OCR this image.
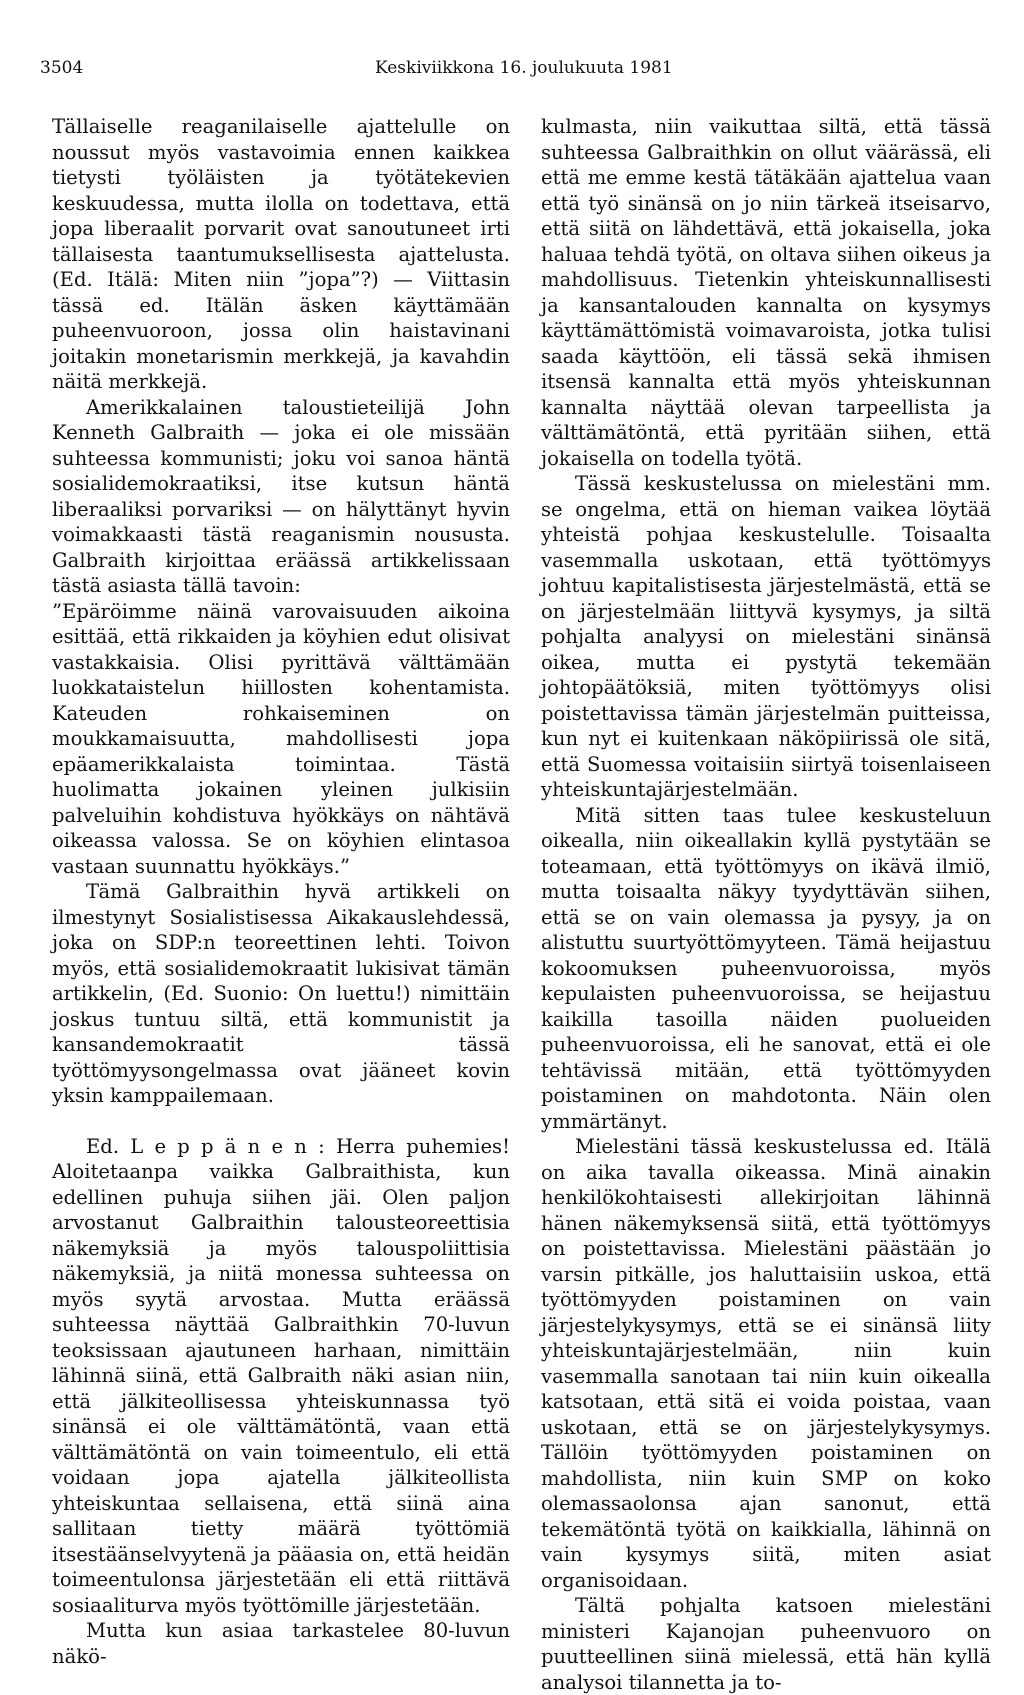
3504	Keskiviikkona 16. joulukuuta 1981

Tällaiselle reaganilaiselle ajattelulle on noussut myös vastavoimia ennen kaikkea tietysti työläisten ja työtätekevien keskuudessa, mutta ilolla on todettava, että jopa liberaalit porvarit ovat sanoutuneet irti tällaisesta taantumuksellisesta ajattelusta. (Ed. Itälä: Miten niin ”jopa”?) — Viittasin tässä ed. Itälän äsken käyttämään puheenvuoroon, jossa olin haistavinani joitakin monetarismin merkkejä, ja kavahdin näitä merkkejä.

Amerikkalainen taloustieteilijä John Kenneth Galbraith — joka ei ole missään suhteessa kommunisti; joku voi sanoa häntä sosialidemokraatiksi, itse kutsun häntä liberaaliksi porvariksi — on hälyttänyt hyvin voimakkaasti tästä reaganismin noususta. Galbraith kirjoittaa eräässä artikkelissaan tästä asiasta tällä tavoin:

”Epäröimme näinä varovaisuuden aikoina esittää, että rikkaiden ja köyhien edut olisivat vastakkaisia. Olisi pyrittävä välttämään luokkataistelun hiillosten kohentamista. Kateuden rohkaiseminen on moukkamaisuutta, mahdollisesti jopa epäamerikkalaista toimintaa. Tästä huolimatta jokainen yleinen julkisiin palveluihin kohdistuva hyökkäys on nähtävä oikeassa valossa. Se on köyhien elintasoa vastaan suunnattu hyökkäys.”

Tämä Galbraithin hyvä artikkeli on ilmestynyt Sosialistisessa Aikakauslehdessä, joka on SDP:n teoreettinen lehti. Toivon myös, että sosialidemokraatit lukisivat tämän artikkelin, (Ed. Suonio: On luettu!) nimittäin joskus tuntuu siltä, että kommunistit ja kansandemokraatit tässä työttömyysongelmassa ovat jääneet kovin yksin kamppailemaan.

Ed. L e p p ä n e n : Herra puhemies! Aloitetaanpa vaikka Galbraithista, kun edellinen puhuja siihen jäi. Olen paljon arvostanut Galbraithin talousteoreettisia näkemyksiä ja myös talouspoliittisia näkemyksiä, ja niitä monessa suhteessa on myös syytä arvostaa. Mutta eräässä suhteessa näyttää Galbraithkin 70-luvun teoksissaan ajautuneen harhaan, nimittäin lähinnä siinä, että Galbraith näki asian niin, että jälkiteollisessa yhteiskunnassa työ sinänsä ei ole välttämätöntä, vaan että välttämätöntä on vain toimeentulo, eli että voidaan jopa ajatella jälkiteollista yhteiskuntaa sellaisena, että siinä aina sallitaan tietty määrä työttömiä itsestäänselvyytenä ja pääasia on, että heidän toimeentulonsa järjestetään eli että riittävä sosiaaliturva myös työttömille järjestetään.

Mutta kun asiaa tarkastelee 80-luvun näkö-

kulmasta, niin vaikuttaa siltä, että tässä suhteessa Galbraithkin on ollut väärässä, eli että me emme kestä tätäkään ajattelua vaan että työ sinänsä on jo niin tärkeä itseisarvo, että siitä on lähdettävä, että jokaisella, joka haluaa tehdä työtä, on oltava siihen oikeus ja mahdollisuus. Tietenkin yhteiskunnallisesti ja kansantalouden kannalta on kysymys käyttämättömistä voimavaroista, jotka tulisi saada käyttöön, eli tässä sekä ihmisen itsensä kannalta että myös yhteiskunnan kannalta näyttää olevan tarpeellista ja välttämätöntä, että pyritään siihen, että jokaisella on todella työtä.

Tässä keskustelussa on mielestäni mm. se ongelma, että on hieman vaikea löytää yhteistä pohjaa keskustelulle. Toisaalta vasemmalla uskotaan, että työttömyys johtuu kapitalistisesta järjestelmästä, että se on järjestelmään liittyvä kysymys, ja siltä pohjalta analyysi on mielestäni sinänsä oikea, mutta ei pystytä tekemään johtopäätöksiä, miten työttömyys olisi poistettavissa tämän järjestelmän puitteissa, kun nyt ei kuitenkaan näköpiirissä ole sitä, että Suomessa voitaisiin siirtyä toisenlaiseen yhteiskuntajärjestelmään.

Mitä sitten taas tulee keskusteluun oikealla, niin oikeallakin kyllä pystytään se toteamaan, että työttömyys on ikävä ilmiö, mutta toisaalta näkyy tyydyttävän siihen, että se on vain olemassa ja pysyy, ja on alistuttu suurtyöttömyyteen. Tämä heijastuu kokoomuksen puheenvuoroissa, myös kepulaisten puheenvuoroissa, se heijastuu kaikilla tasoilla näiden puolueiden puheenvuoroissa, eli he sanovat, että ei ole tehtävissä mitään, että työttömyyden poistaminen on mahdotonta. Näin olen ymmärtänyt.

Mielestäni tässä keskustelussa ed. Itälä on aika tavalla oikeassa. Minä ainakin henkilökohtaisesti allekirjoitan lähinnä hänen näkemyksensä siitä, että työttömyys on poistettavissa. Mielestäni päästään jo varsin pitkälle, jos haluttaisiin uskoa, että työttömyyden poistaminen on vain järjestelykysymys, että se ei sinänsä liity yhteiskuntajärjestelmään, niin kuin vasemmalla sanotaan tai niin kuin oikealla katsotaan, että sitä ei voida poistaa, vaan uskotaan, että se on järjestelykysymys. Tällöin työttömyyden poistaminen on mahdollista, niin kuin SMP on koko olemassaolonsa ajan sanonut, että tekemätöntä työtä on kaikkialla, lähinnä on vain kysymys siitä, miten asiat organisoidaan.

Tältä pohjalta katsoen mielestäni ministeri Kajanojan puheenvuoro on puutteellinen siinä mielessä, että hän kyllä analysoi tilannetta ja to-
